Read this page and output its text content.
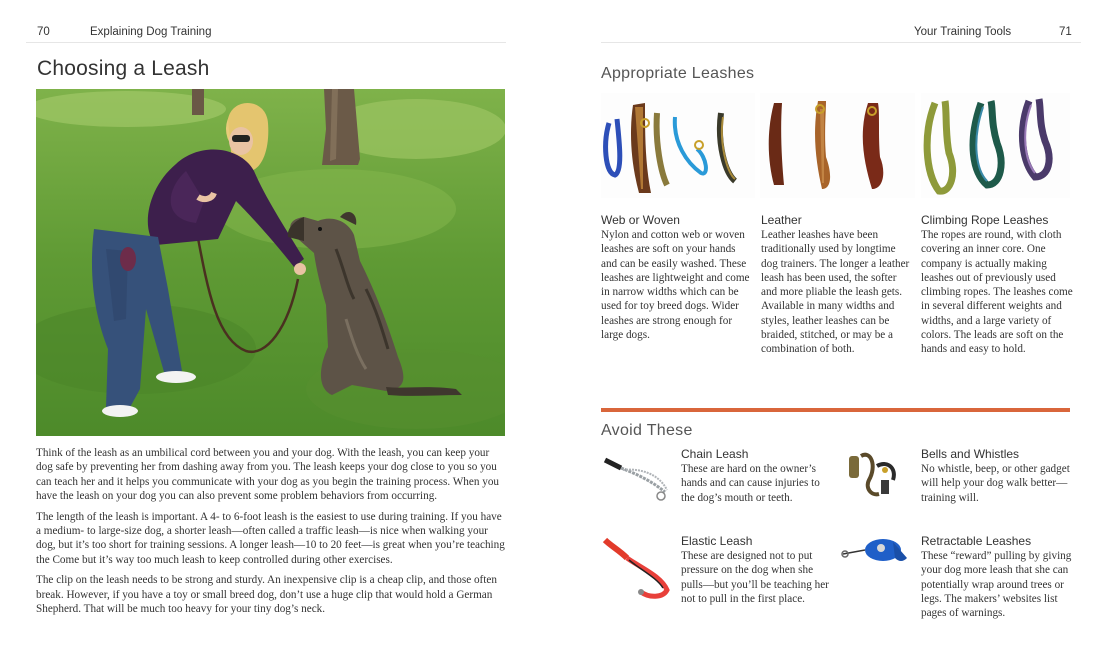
70	Explaining Dog Training
Choosing a Leash

Think of the leash as an umbilical cord between you and your dog. With the leash, you can keep your dog safe by preventing her from dashing away from you. The leash keeps your dog close to you so you can teach her and it helps you communicate with your dog as you begin the training process. When you have the leash on your dog you can also prevent some problem behaviors from occurring.

The length of the leash is important. A 4- to 6-foot leash is the easiest to use during training. If you have a medium- to large-size dog, a shorter leash—often called a traffic leash—is nice when walking your dog, but it’s too short for training sessions. A longer leash—10 to 20 feet—is great when you’re teaching the Come but it’s way too much leash to keep controlled during other exercises.

The clip on the leash needs to be strong and sturdy. An inexpensive clip is a cheap clip, and those often break. However, if you have a toy or small breed dog, don’t use a huge clip that would hold a German Shepherd. That will be much too heavy for your tiny dog’s neck.

Your Training Tools	71
Appropriate Leashes
Web or Woven

Nylon and cotton web or woven leashes are soft on your hands and can be easily washed. These leashes are lightweight and come in narrow widths which can be used for toy breed dogs. Wider leashes are strong enough for large dogs.

Leather

Leather leashes have been traditionally used by longtime dog trainers. The longer a leather leash has been used, the softer and more pliable the leash gets. Available in many widths and styles, leather leashes can be braided, stitched, or may be a combination of both.

Climbing Rope Leashes

The ropes are round, with cloth covering an inner core. One company is actually making leashes out of previously used climbing ropes. The leashes come in several different weights and widths, and a large variety of colors. The leads are soft on the hands and easy to hold.

Avoid These
Chain Leash

These are hard on the owner’s hands and can cause injuries to the dog’s mouth or teeth.

Bells and Whistles

No whistle, beep, or other gadget will help your dog walk better—training will.

Elastic Leash

These are designed not to put pressure on the dog when she pulls—but you’ll be teaching her not to pull in the first place.

Retractable Leashes

These “reward” pulling by giving your dog more leash that she can potentially wrap around trees or legs. The makers’ websites list pages of warnings.
